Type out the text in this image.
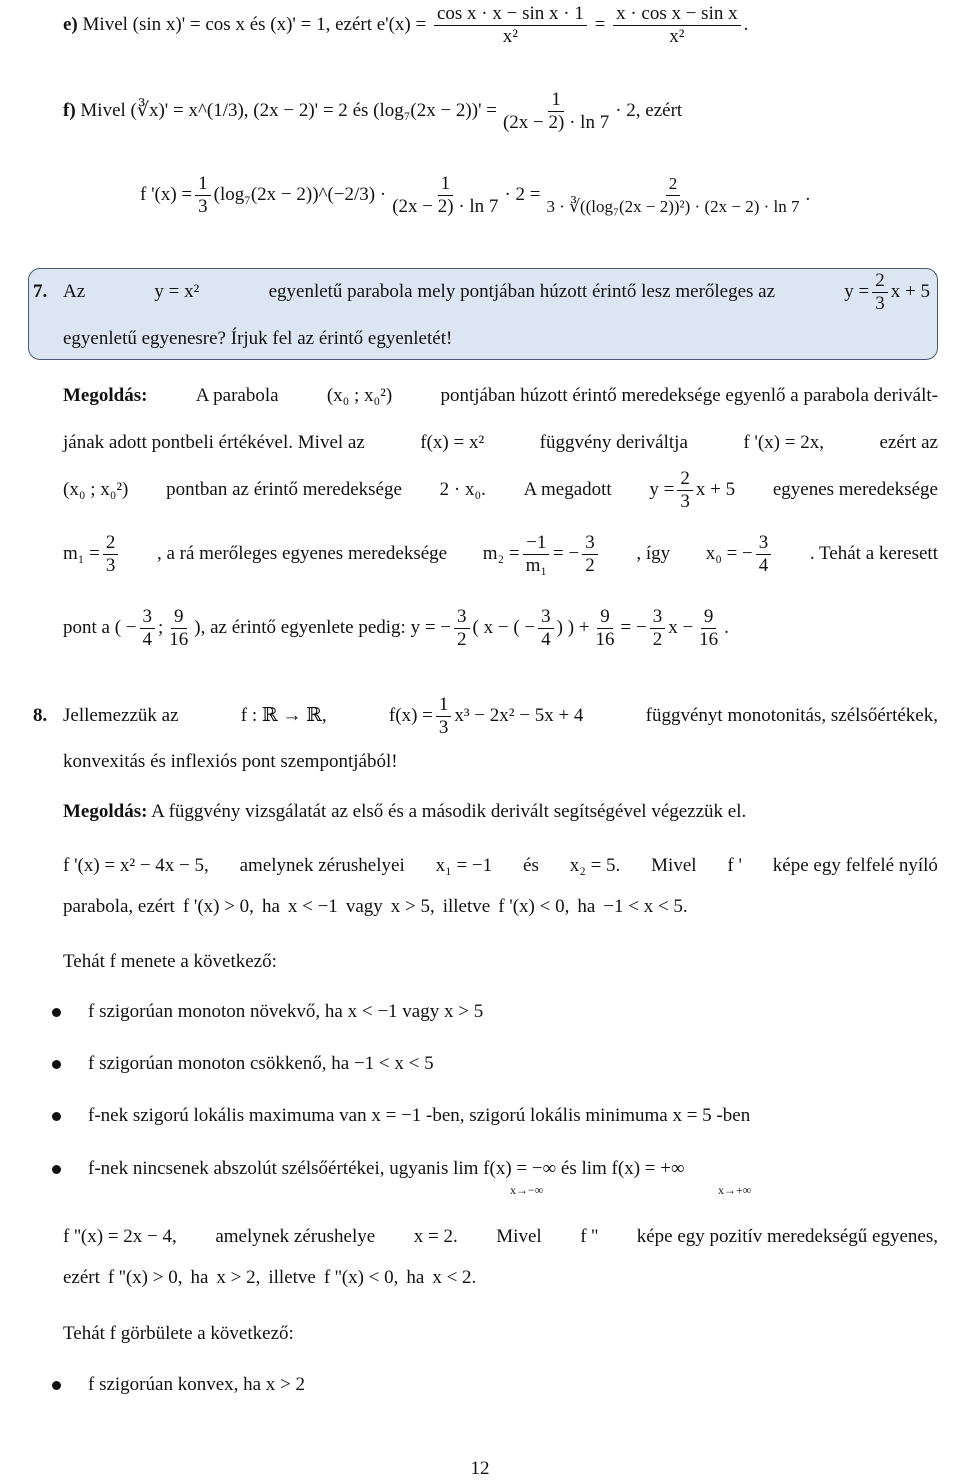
e) Mivel (sin x)' = cos x és (x)' = 1, ezért $e'(x) = \frac{\text{cos x · x − sin x · 1}}{\text{x²}} = \frac{\text{x · cos x − sin x}}{\text{x²}}$ .
f)
Mivel
(∛x)' = x^(1/3),
(2x − 2)' = 2
és
$(\log_7(2x - 2))' = \frac{1}{(2x - 2) \cdot \ln 7} \cdot 2$, ezért
f '$(x) = \frac{1}{3} (\log_7(2x$ − 2))^(−2/3) · $\frac{1}{(2x - 2) \cdot \ln 7} \cdot 2 = \frac{2}{\text{3 · ∛((log₇(2x − 2))²) · (2x − 2) · ln 7}}$ .
7. Az	y = x²	egyenletű parabola mely pontjában húzott érintő lesz merőleges az	$y = \frac{2}{3}$ x + 5
egyenletű egyenesre? Írjuk fel az érintő egyenletét!
Megoldás:	A parabola	(x₀ ; x₀²)	pontjában húzott érintő meredeksége egyenlő a parabola derivált-
jának adott pontbeli értékével. Mivel az	f(x) = x²	függvény deriváltja	f '(x) = 2x,	ezért az
(x₀ ; x₀²) pontban az érintő meredeksége 2 · x₀. A megadott $y = \frac{2}{3}$ x + 5 egyenes meredeksége
$m_1 = \frac{2}{3}$ , a rá merőleges egyenes meredeksége $m_2 = \frac{-1}{\text{m₁}}$ = − $\frac{3}{2}$ , így x₀ = − $\frac{3}{4}$ . Tehát a keresett
pont a
( − $\frac{3}{4}$ ; $\frac{9}{16}$ ) , az érintő egyenlete pedig:
y = − $\frac{3}{2}$ ( x − ( − $\frac{3}{4}$ ) ) + $\frac{9}{16}$ = − $\frac{3}{2}$ $x - \frac{9}{16}$ .
8. Jellemezzük az	f : ℝ → ℝ,	$f(x) = \frac{1}{3} x^3 - 2x^2 - 5x + 4$	függvényt monotonitás, szélsőértékek,
konvexitás és inflexiós pont szempontjából!
Megoldás: A függvény vizsgálatát az első és a második derivált segítségével végezzük el.
f '(x) = x² − 4x − 5, amelynek zérushelyei x₁ = −1 és x₂ = 5. Mivel f ' képe egy felfelé nyíló
parabola, ezért f '(x) > 0, ha x < −1 vagy x > 5, illetve f '(x) < 0, ha −1 < x < 5.
Tehát f menete a következő:
f szigorúan monoton növekvő, ha x < −1 vagy x > 5
f szigorúan monoton csökkenő, ha −1 < x < 5
f-nek szigorú lokális maximuma van x = −1 -ben, szigorú lokális minimuma x = 5 -ben
f-nek nincsenek abszolút szélsőértékei, ugyanis lim f(x) = −∞ és lim f(x) = +∞
x→−∞	x→+∞
f ''(x) = 2x − 4, amelynek zérushelye x = 2. Mivel f '' képe egy pozitív meredekségű egyenes,
ezért f ''(x) > 0, ha x > 2, illetve f ''(x) < 0, ha x < 2.
Tehát f görbülete a következő:
f szigorúan konvex, ha x > 2
12
